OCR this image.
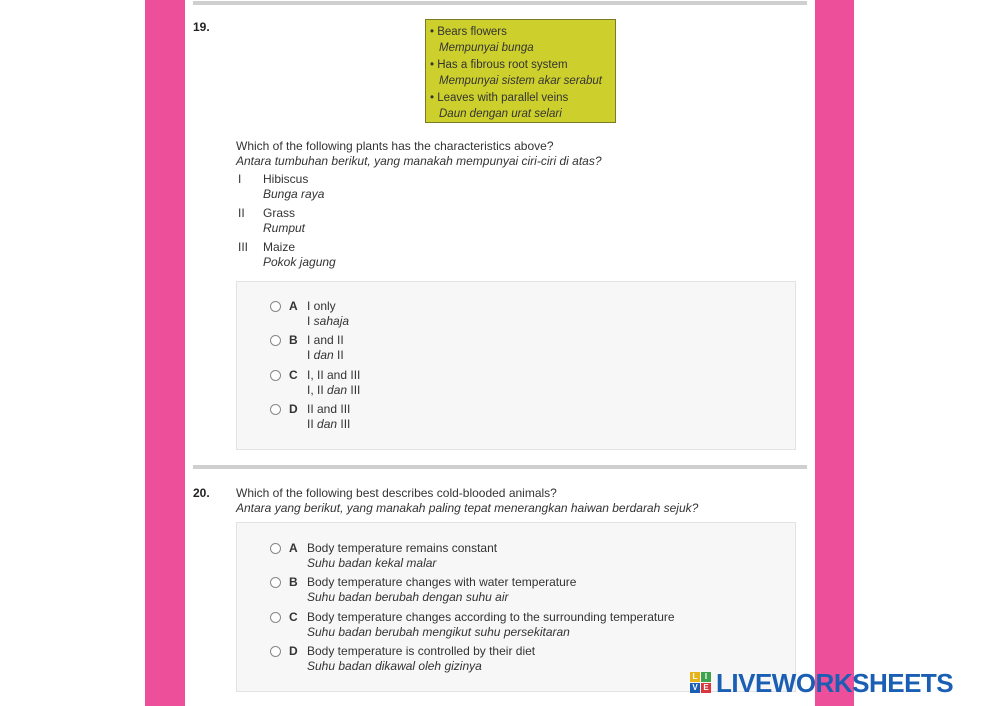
19.	• Bears flowers
Mempunyai bunga
• Has a fibrous root system
Mempunyai sistem akar serabut
• Leaves with parallel veins
Daun dengan urat selari
Which of the following plants has the characteristics above?
Antara tumbuhan berikut, yang manakah mempunyai ciri-ciri di atas?
I	Hibiscus
Bunga raya
II	Grass
Rumput
III	Maize
Pokok jagung
A I only
I sahaja
B I and II
I dan II
C I, II and III
I, II dan III
D II and III
II dan III
20. Which of the following best describes cold-blooded animals?
Antara yang berikut, yang manakah paling tepat menerangkan haiwan berdarah sejuk?
A Body temperature remains constant
Suhu badan kekal malar
B Body temperature changes with water temperature
Suhu badan berubah dengan suhu air
C Body temperature changes according to the surrounding temperature
Suhu badan berubah mengikut suhu persekitaran
D Body temperature is controlled by their diet
Suhu badan dikawal oleh gizinya
L I
V E LIVEWORKSHEETS
